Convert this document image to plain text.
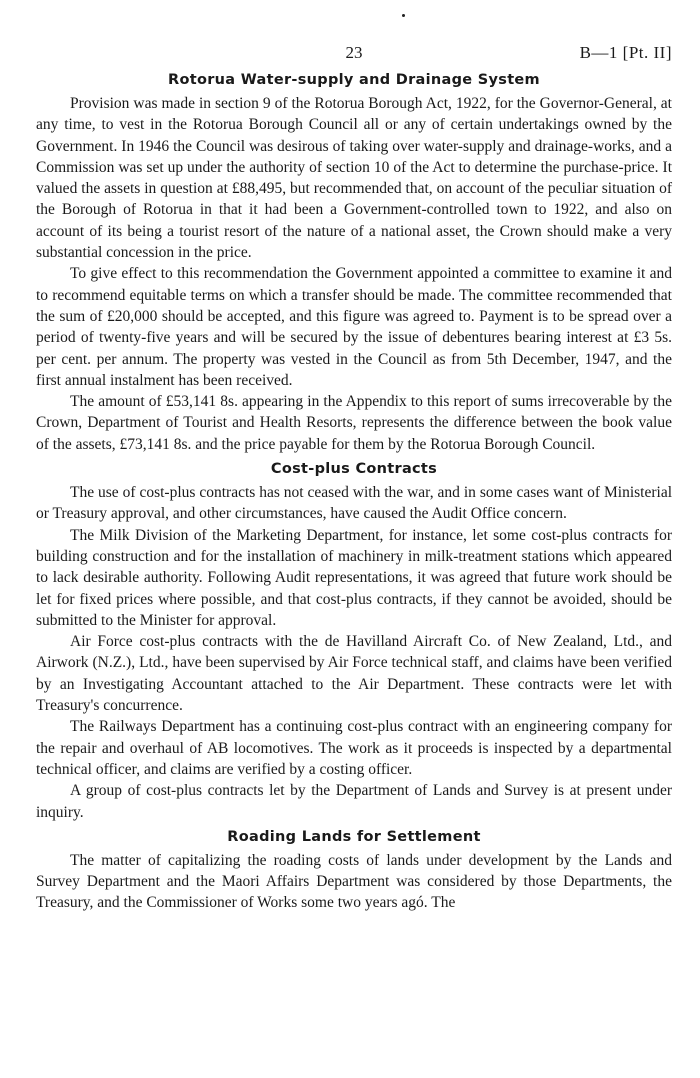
23	B—1 [Pt. II]
Rotorua Water-supply and Drainage System

Provision was made in section 9 of the Rotorua Borough Act, 1922, for the Governor-General, at any time, to vest in the Rotorua Borough Council all or any of certain undertakings owned by the Government. In 1946 the Council was desirous of taking over water-supply and drainage-works, and a Commission was set up under the authority of section 10 of the Act to determine the purchase-price. It valued the assets in question at £88,495, but recommended that, on account of the peculiar situation of the Borough of Rotorua in that it had been a Government-controlled town to 1922, and also on account of its being a tourist resort of the nature of a national asset, the Crown should make a very substantial concession in the price.

To give effect to this recommendation the Government appointed a committee to examine it and to recommend equitable terms on which a transfer should be made. The committee recommended that the sum of £20,000 should be accepted, and this figure was agreed to. Payment is to be spread over a period of twenty-five years and will be secured by the issue of debentures bearing interest at £3 5s. per cent. per annum. The property was vested in the Council as from 5th December, 1947, and the first annual instalment has been received.

The amount of £53,141 8s. appearing in the Appendix to this report of sums irrecoverable by the Crown, Department of Tourist and Health Resorts, represents the difference between the book value of the assets, £73,141 8s. and the price payable for them by the Rotorua Borough Council.

Cost-plus Contracts

The use of cost-plus contracts has not ceased with the war, and in some cases want of Ministerial or Treasury approval, and other circumstances, have caused the Audit Office concern.

The Milk Division of the Marketing Department, for instance, let some cost-plus contracts for building construction and for the installation of machinery in milk-treatment stations which appeared to lack desirable authority. Following Audit representations, it was agreed that future work should be let for fixed prices where possible, and that cost-plus contracts, if they cannot be avoided, should be submitted to the Minister for approval.

Air Force cost-plus contracts with the de Havilland Aircraft Co. of New Zealand, Ltd., and Airwork (N.Z.), Ltd., have been supervised by Air Force technical staff, and claims have been verified by an Investigating Accountant attached to the Air Department. These contracts were let with Treasury's concurrence.

The Railways Department has a continuing cost-plus contract with an engineering company for the repair and overhaul of AB locomotives. The work as it proceeds is inspected by a departmental technical officer, and claims are verified by a costing officer.

A group of cost-plus contracts let by the Department of Lands and Survey is at present under inquiry.

Roading Lands for Settlement

The matter of capitalizing the roading costs of lands under development by the Lands and Survey Department and the Maori Affairs Department was considered by those Departments, the Treasury, and the Commissioner of Works some two years agó. The
